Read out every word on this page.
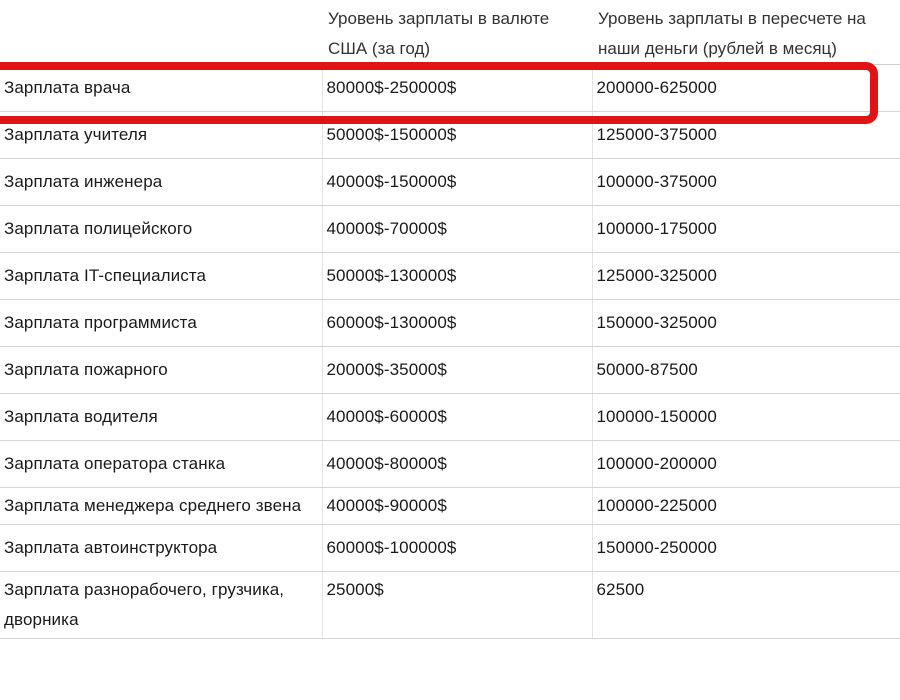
	Уровень зарплаты в валюте США (за год)	Уровень зарплаты в пересчете на наши деньги (рублей в месяц)
Зарплата врача	80000$-250000$	200000-625000
Зарплата учителя	50000$-150000$	125000-375000
Зарплата инженера	40000$-150000$	100000-375000
Зарплата полицейского	40000$-70000$	100000-175000
Зарплата IT-специалиста	50000$-130000$	125000-325000
Зарплата программиста	60000$-130000$	150000-325000
Зарплата пожарного	20000$-35000$	50000-87500
Зарплата водителя	40000$-60000$	100000-150000
Зарплата оператора станка	40000$-80000$	100000-200000
Зарплата менеджера среднего звена	40000$-90000$	100000-225000
Зарплата автоинструктора	60000$-100000$	150000-250000
Зарплата разнорабочего, грузчика, дворника	25000$	62500
